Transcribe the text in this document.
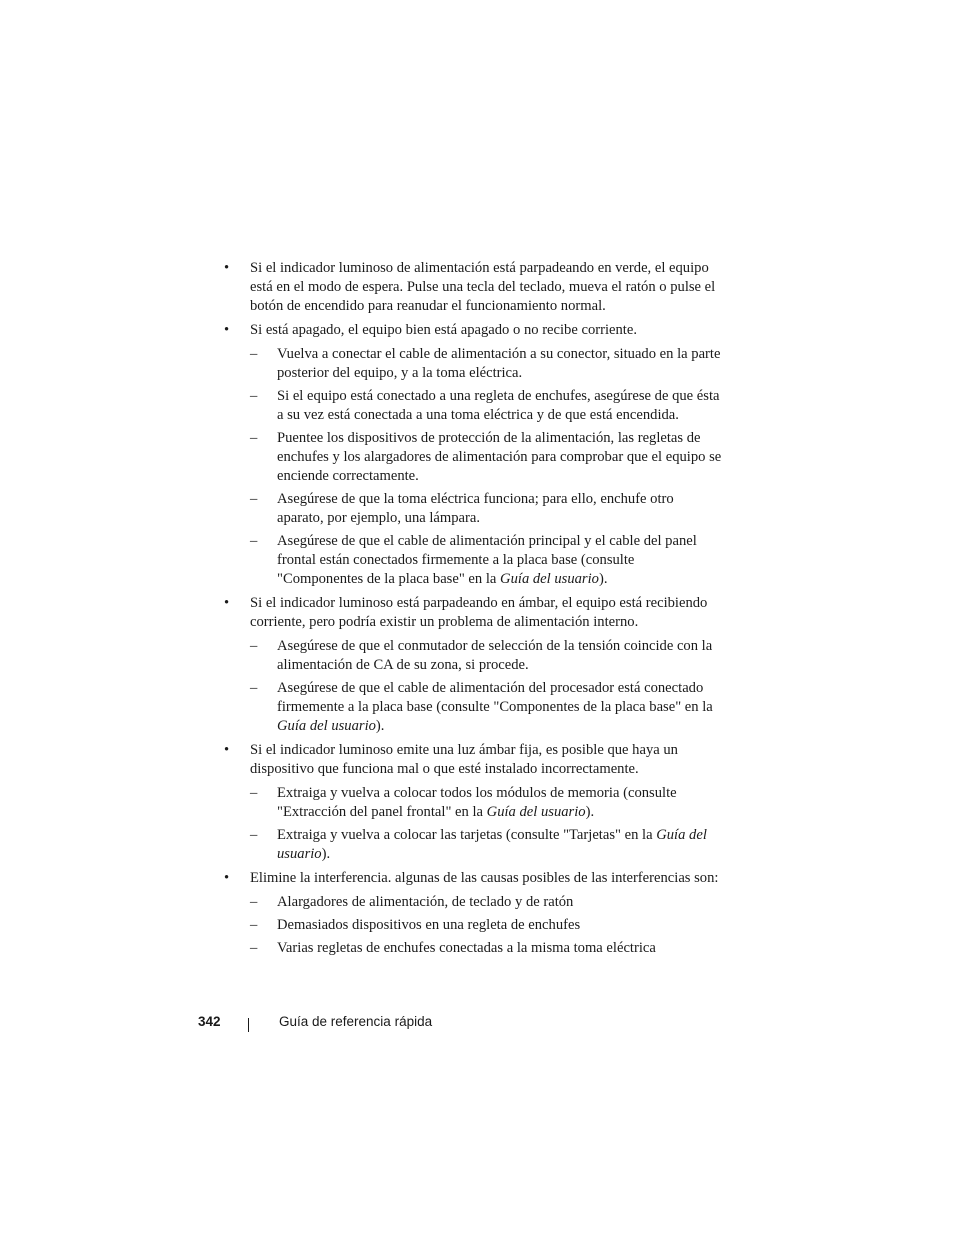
• Si el indicador luminoso de alimentación está parpadeando en verde, el equipo está en el modo de espera. Pulse una tecla del teclado, mueva el ratón o pulse el botón de encendido para reanudar el funcionamiento normal.
• Si está apagado, el equipo bien está apagado o no recibe corriente.
– Vuelva a conectar el cable de alimentación a su conector, situado en la parte posterior del equipo, y a la toma eléctrica.
– Si el equipo está conectado a una regleta de enchufes, asegúrese de que ésta a su vez está conectada a una toma eléctrica y de que está encendida.
– Puentee los dispositivos de protección de la alimentación, las regletas de enchufes y los alargadores de alimentación para comprobar que el equipo se enciende correctamente.
– Asegúrese de que la toma eléctrica funciona; para ello, enchufe otro aparato, por ejemplo, una lámpara.
– Asegúrese de que el cable de alimentación principal y el cable del panel frontal están conectados firmemente a la placa base (consulte "Componentes de la placa base" en la Guía del usuario).
• Si el indicador luminoso está parpadeando en ámbar, el equipo está recibiendo corriente, pero podría existir un problema de alimentación interno.
– Asegúrese de que el conmutador de selección de la tensión coincide con la alimentación de CA de su zona, si procede.
– Asegúrese de que el cable de alimentación del procesador está conectado firmemente a la placa base (consulte "Componentes de la placa base" en la Guía del usuario).
• Si el indicador luminoso emite una luz ámbar fija, es posible que haya un dispositivo que funciona mal o que esté instalado incorrectamente.
– Extraiga y vuelva a colocar todos los módulos de memoria (consulte "Extracción del panel frontal" en la Guía del usuario).
– Extraiga y vuelva a colocar las tarjetas (consulte "Tarjetas" en la Guía del usuario).
• Elimine la interferencia. algunas de las causas posibles de las interferencias son:
– Alargadores de alimentación, de teclado y de ratón
– Demasiados dispositivos en una regleta de enchufes
– Varias regletas de enchufes conectadas a la misma toma eléctrica
342	Guía de referencia rápida
